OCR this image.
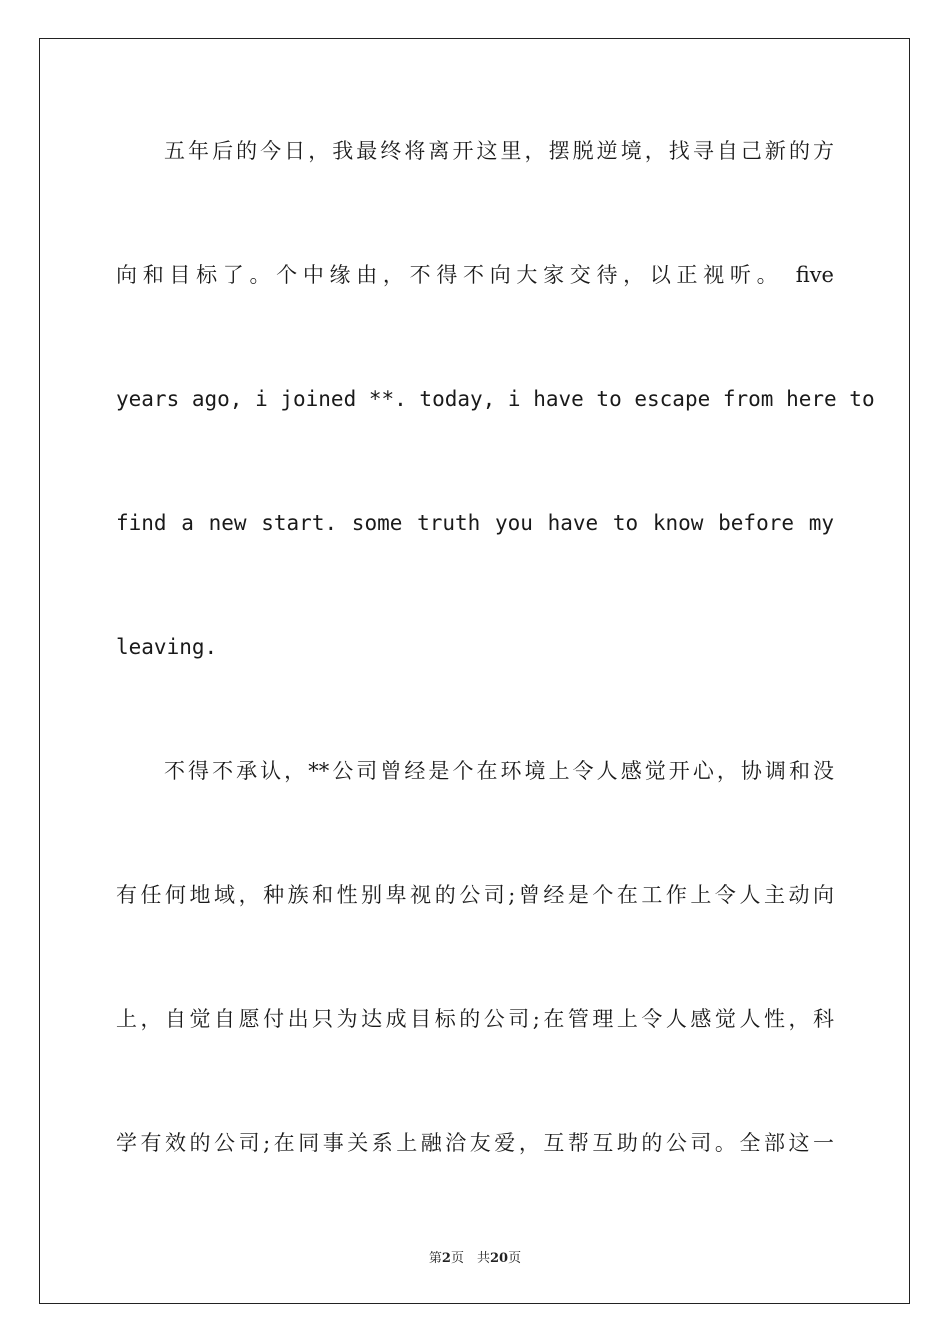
五年后的今日，我最终将离开这里，摆脱逆境，找寻自己新的方

向和目标了。个中缘由，不得不向大家交待，以正视听。 five

years ago, i joined **. today, i have to escape from here to

find a new start. some truth you have to know before my

leaving.

不得不承认，**公司曾经是个在环境上令人感觉开心，协调和没

有任何地域，种族和性别卑视的公司;曾经是个在工作上令人主动向

上，自觉自愿付出只为达成目标的公司;在管理上令人感觉人性，科

学有效的公司;在同事关系上融洽友爱，互帮互助的公司。全部这一

第2页　共20页
